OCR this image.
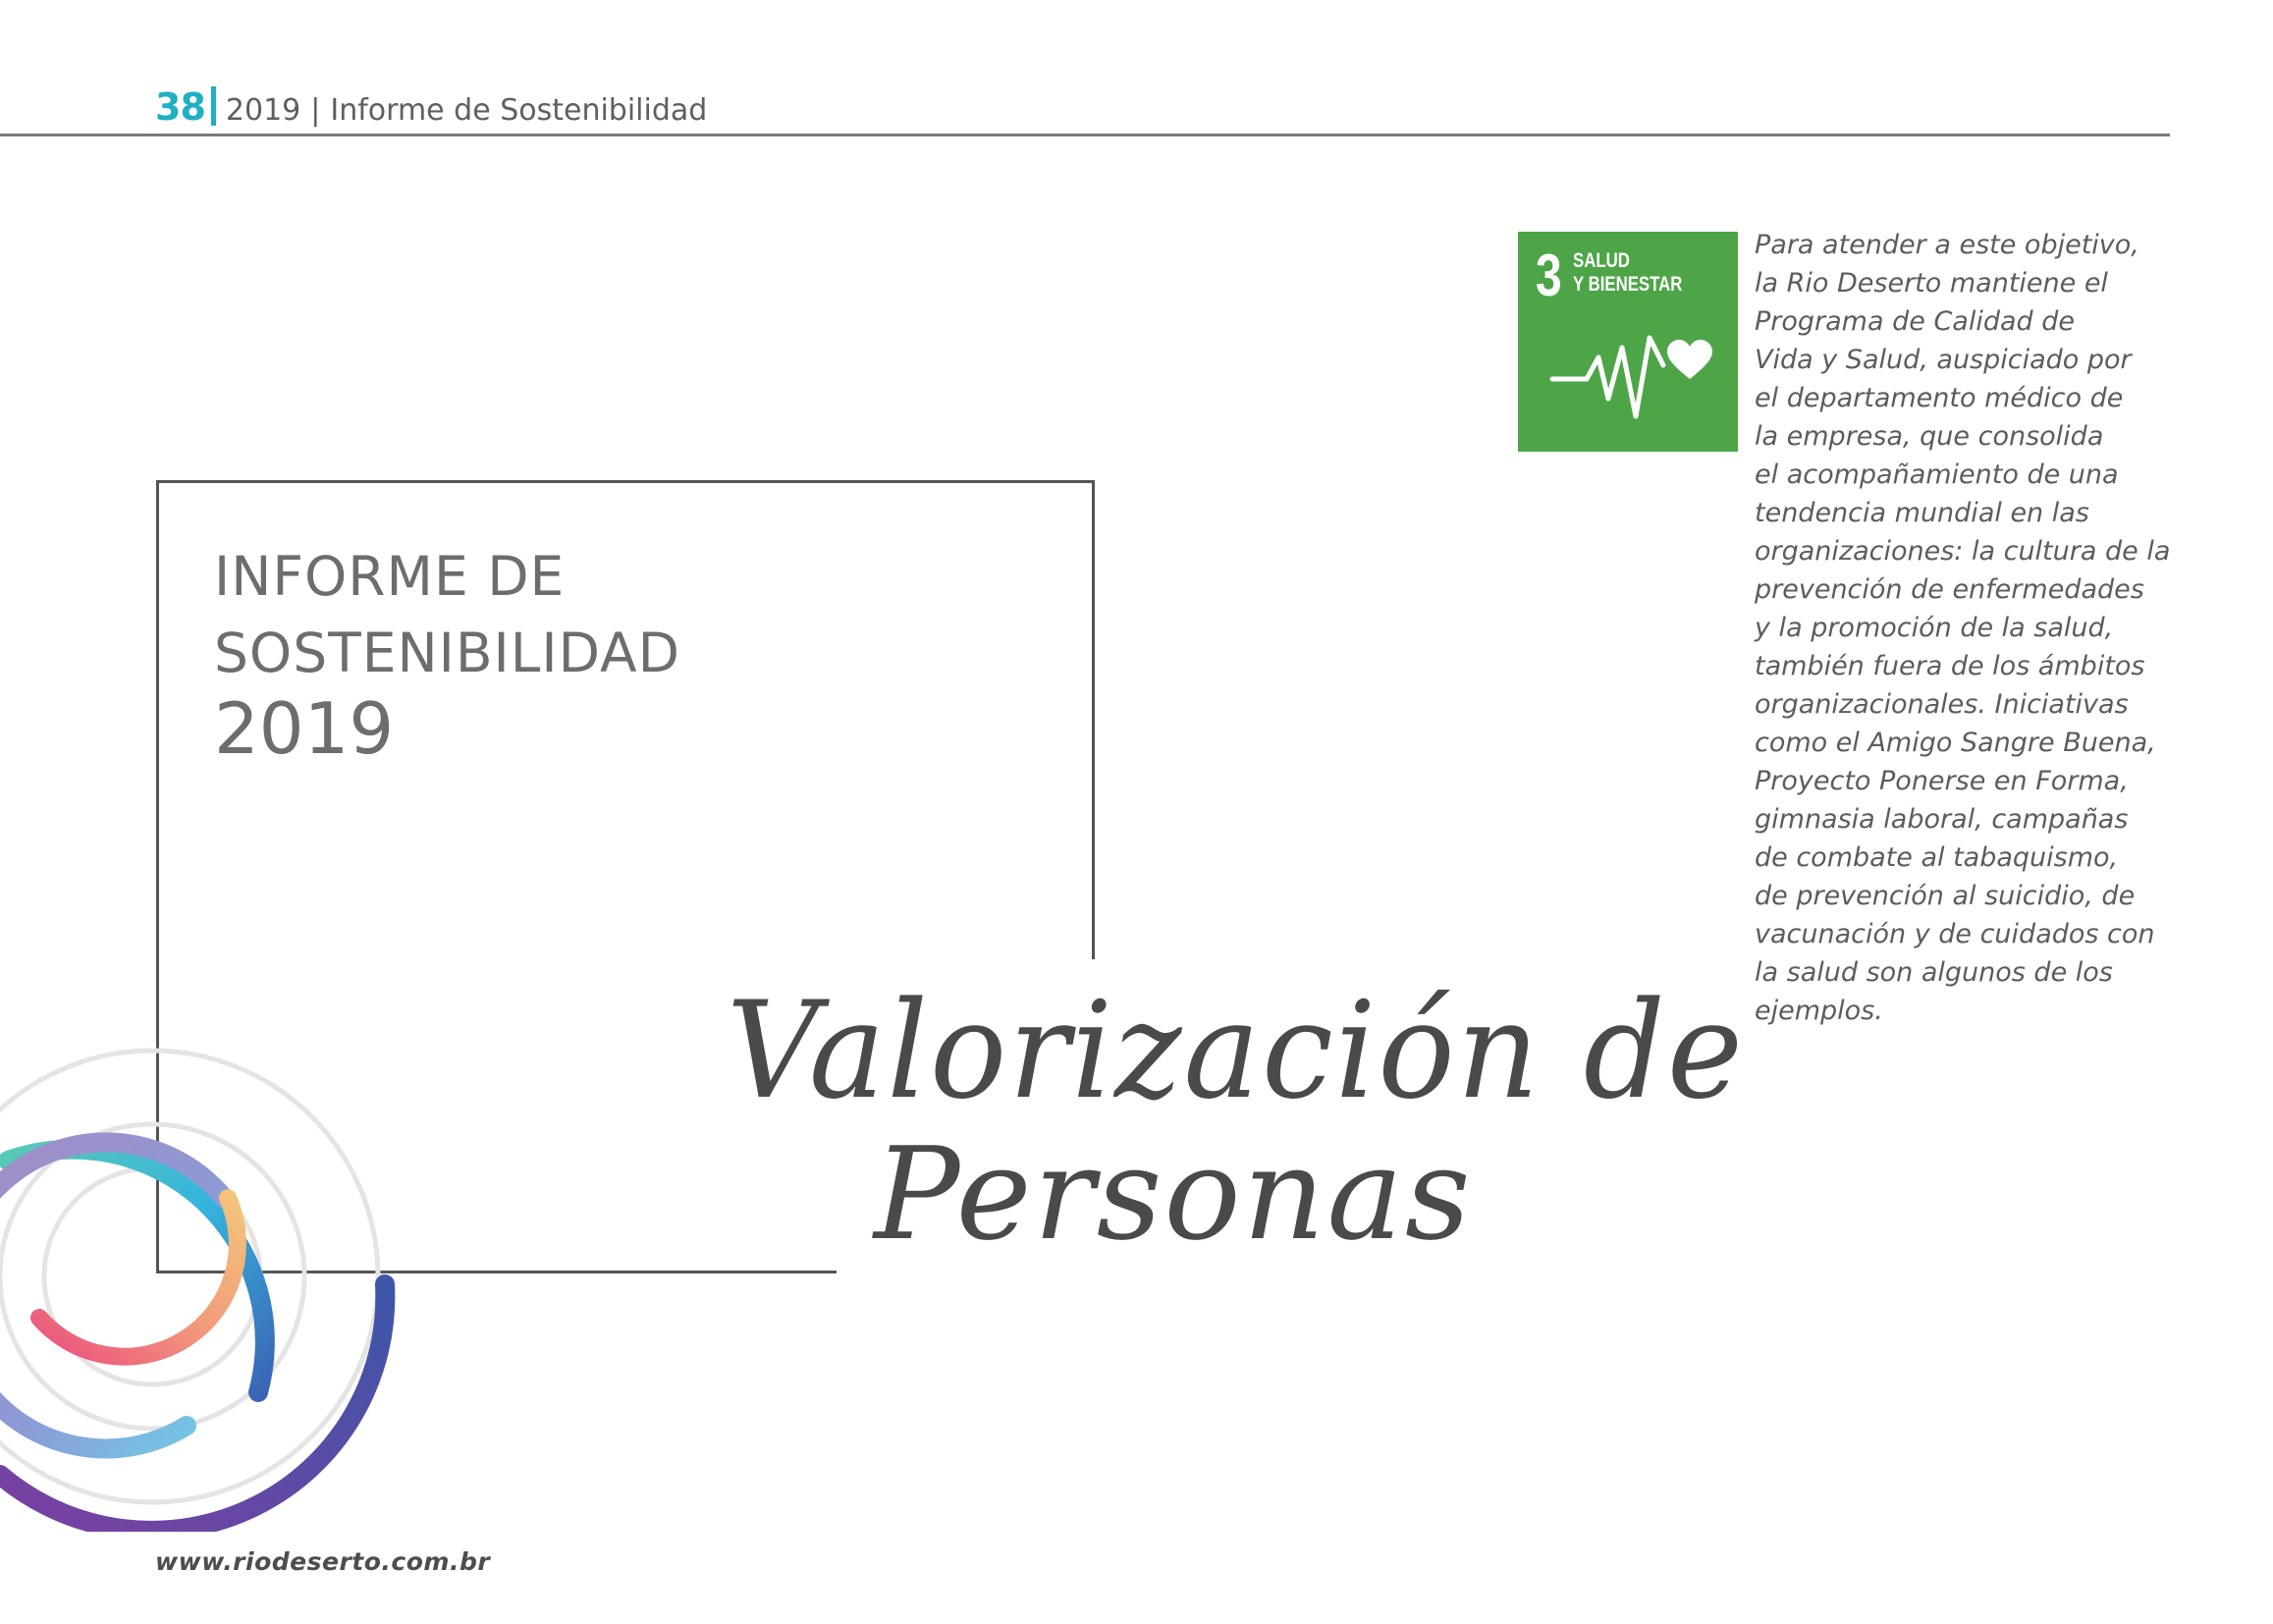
38 2019 | Informe de Sostenibilidad
INFORME DE
SOSTENIBILIDAD
2019
Valorización de
Personas
3 SALUD
Y BIENESTAR
Para atender a este objetivo,
la Rio Deserto mantiene el
Programa de Calidad de
Vida y Salud, auspiciado por
el departamento médico de
la empresa, que consolida
el acompañamiento de una
tendencia mundial en las
organizaciones: la cultura de la
prevención de enfermedades
y la promoción de la salud,
también fuera de los ámbitos
organizacionales. Iniciativas
como el Amigo Sangre Buena,
Proyecto Ponerse en Forma,
gimnasia laboral, campañas
de combate al tabaquismo,
de prevención al suicidio, de
vacunación y de cuidados con
la salud son algunos de los
ejemplos.
www.riodeserto.com.br
